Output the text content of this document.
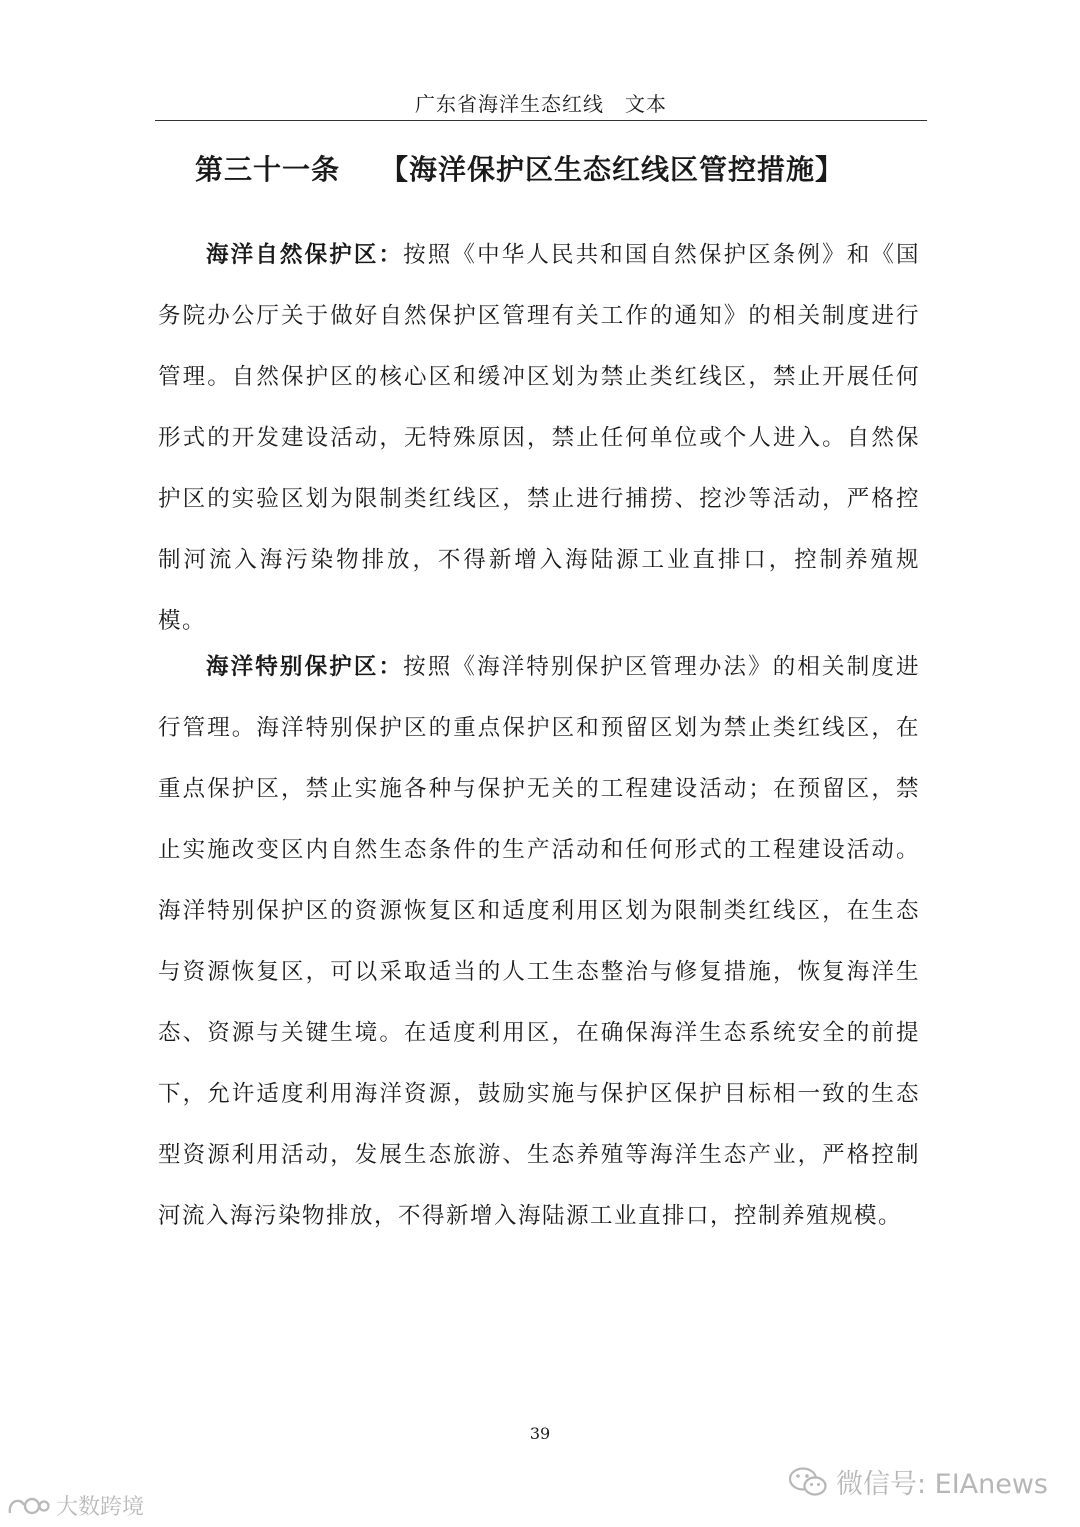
广东省海洋生态红线　文本
第三十一条 【海洋保护区生态红线区管控措施】
海洋自然保护区：按照《中华人民共和国自然保护区条例》和《国务院办公厅关于做好自然保护区管理有关工作的通知》的相关制度进行管理。自然保护区的核心区和缓冲区划为禁止类红线区，禁止开展任何形式的开发建设活动，无特殊原因，禁止任何单位或个人进入。自然保护区的实验区划为限制类红线区，禁止进行捕捞、挖沙等活动，严格控制河流入海污染物排放，不得新增入海陆源工业直排口，控制养殖规模。
海洋特别保护区：按照《海洋特别保护区管理办法》的相关制度进行管理。海洋特别保护区的重点保护区和预留区划为禁止类红线区，在重点保护区，禁止实施各种与保护无关的工程建设活动；在预留区，禁止实施改变区内自然生态条件的生产活动和任何形式的工程建设活动。海洋特别保护区的资源恢复区和适度利用区划为限制类红线区，在生态与资源恢复区，可以采取适当的人工生态整治与修复措施，恢复海洋生态、资源与关键生境。在适度利用区，在确保海洋生态系统安全的前提下，允许适度利用海洋资源，鼓励实施与保护区保护目标相一致的生态型资源利用活动，发展生态旅游、生态养殖等海洋生态产业，严格控制河流入海污染物排放，不得新增入海陆源工业直排口，控制养殖规模。
39
微信号: EIAnews
大数跨境
